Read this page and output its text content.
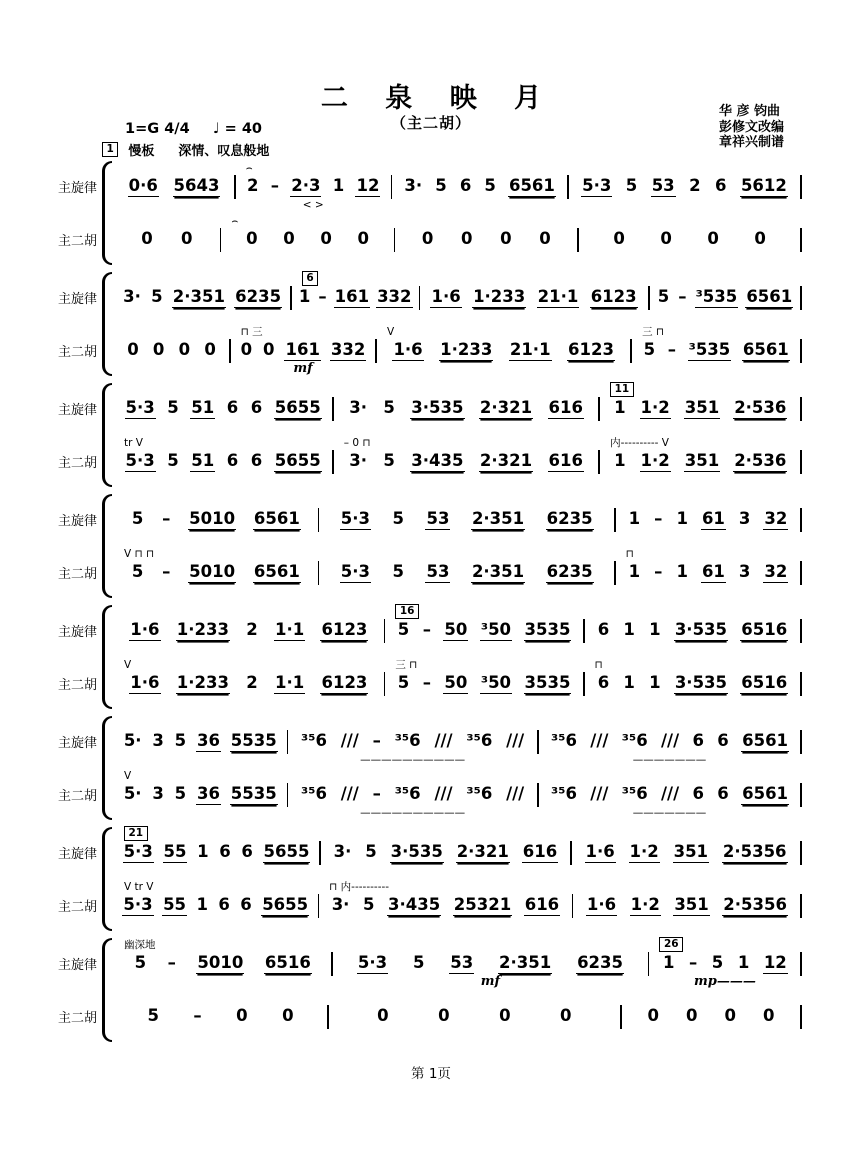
二 泉 映 月
（主二胡）
华 彦 钧曲
彭修文改编
章祥兴制谱
1=G 4/4 ♩ = 40
1	慢板 深情、叹息般地
主旋律
主二胡
0·6 5643
⌢
2 – 2·3 1 12
< >
3· 5 6 5 6561 5·3 5 53 2 6 5612
0 0
⌢
0 0 0 0	0 0 0 0	0 0 0 0
主旋律
主二胡
3· 5 2·351 6235
6
1 – 161 332 1·6 1·233 21·1 6123 5 – ³535 6561
0 0 0 0
⊓ 三
0 0 161 332
mf
V
1·6 1·233 21·1 6123
三 ⊓
5 – ³535 6561
主旋律
主二胡
5·3 5 51 6 6 5655 3· 5 3·535 2·321 616
11
1 1·2 351 2·536
tr V
5·3 5 51 6 6 5655
– 0 ⊓
3· 5 3·435 2·321 616
内---------- V
1 1·2 351 2·536
主旋律
主二胡
5 – 5010 6561 5·3 5 53 2·351 6235 1 – 1 61 3 32
V ⊓ ⊓
5 – 5010 6561 5·3 5 53 2·351 6235
⊓
1 – 1 61 3 32
主旋律
主二胡
1·6 1·233 2 1·1 6123
16
5 – 50 ³50 3535 6 1 1 3·535 6516
V
1·6 1·233 2 1·1 6123
三 ⊓
5 – 50 ³50 3535
⊓
6 1 1 3·535 6516
主旋律
主二胡
5· 3 5 36 5535 ³⁵6 /// – ³⁵6 /// ³⁵6 ///
——————————
³⁵6 /// ³⁵6 /// 6 6 6561
———————
V
5· 3 5 36 5535 ³⁵6 /// – ³⁵6 /// ³⁵6 ///
——————————
³⁵6 /// ³⁵6 /// 6 6 6561
———————
主旋律
主二胡
21
5·3 55 1 6 6 5655 3· 5 3·535 2·321 616 1·6 1·2 351 2·5356
V tr V
5·3 55 1 6 6 5655
⊓ 内----------
3· 5 3·435 25321 616 1·6 1·2 351 2·5356
主旋律
主二胡
幽深地
5 – 5010 6516	5·3 5 53 2·351 6235
mf
26
1 – 5 1 12
mp———
5 – 0 0	0	0	0	0	0 0 0 0
第 1页
